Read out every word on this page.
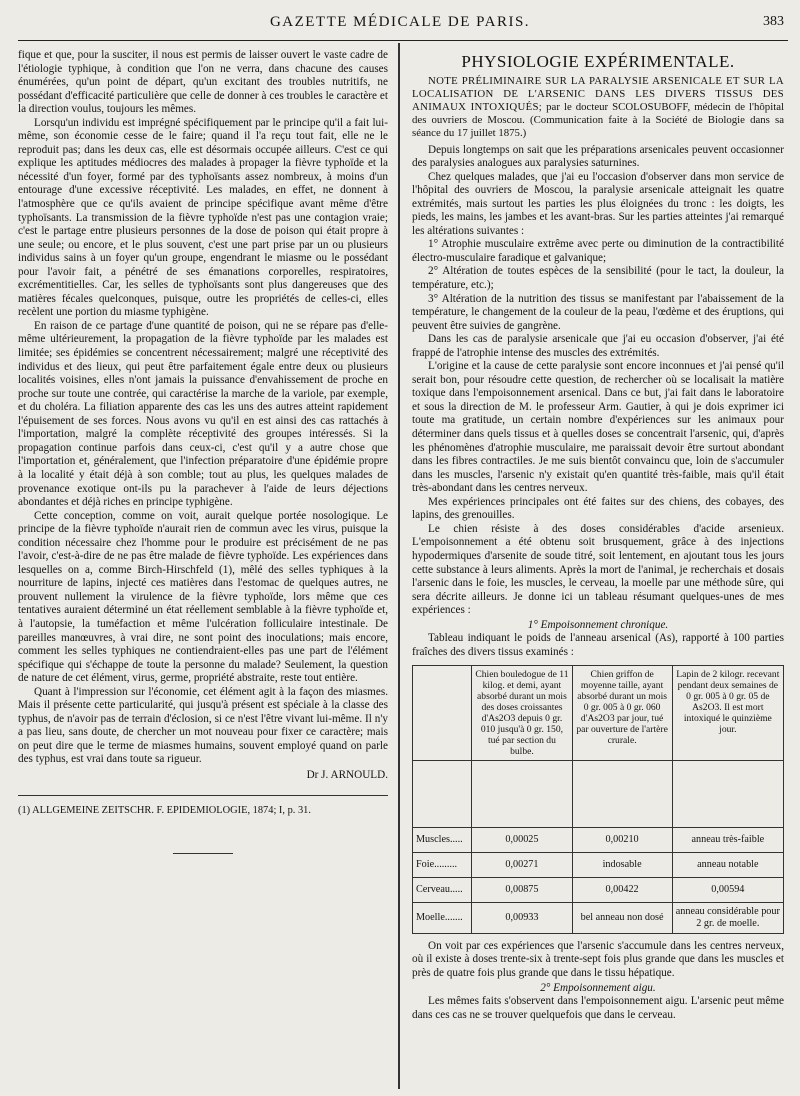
GAZETTE MÉDICALE DE PARIS.	383

fique et que, pour la susciter, il nous est permis de laisser ouvert le vaste cadre de l'étiologie typhique, à condition que l'on ne verra, dans chacune des causes énumérées, qu'un point de départ, qu'un excitant des troubles nutritifs, ne possédant d'efficacité particulière que celle de donner à ces troubles le caractère et la direction voulus, toujours les mêmes.

Lorsqu'un individu est imprégné spécifiquement par le principe qu'il a fait lui-même, son économie cesse de le faire; quand il l'a reçu tout fait, elle ne le reproduit pas; dans les deux cas, elle est désormais occupée ailleurs. C'est ce qui explique les aptitudes médiocres des malades à propager la fièvre typhoïde et la nécessité d'un foyer, formé par des typhoïsants assez nombreux, à moins d'un entourage d'une excessive réceptivité. Les malades, en effet, ne donnent à l'atmosphère que ce qu'ils avaient de principe spécifique avant même d'être typhoïsants. La transmission de la fièvre typhoïde n'est pas une contagion vraie; c'est le partage entre plusieurs personnes de la dose de poison qui était propre à une seule; ou encore, et le plus souvent, c'est une part prise par un ou plusieurs individus sains à un foyer qu'un groupe, engendrant le miasme ou le possédant pour l'avoir fait, a pénétré de ses émanations corporelles, respiratoires, excrémentitielles. Car, les selles de typhoïsants sont plus dangereuses que des matières fécales quelconques, puisque, outre les propriétés de celles-ci, elles recèlent une portion du miasme typhigène.

En raison de ce partage d'une quantité de poison, qui ne se répare pas d'elle-même ultérieurement, la propagation de la fièvre typhoïde par les malades est limitée; ses épidémies se concentrent nécessairement; malgré une réceptivité des individus et des lieux, qui peut être parfaitement égale entre deux ou plusieurs localités voisines, elles n'ont jamais la puissance d'envahissement de proche en proche sur toute une contrée, qui caractérise la marche de la variole, par exemple, et du choléra. La filiation apparente des cas les uns des autres atteint rapidement l'épuisement de ses forces. Nous avons vu qu'il en est ainsi des cas rattachés à l'importation, malgré la complète réceptivité des groupes intéressés. Si la propagation continue parfois dans ceux-ci, c'est qu'il y a autre chose que l'importation et, généralement, que l'infection préparatoire d'une épidémie propre à la localité y était déjà à son comble; tout au plus, les quelques malades de provenance exotique ont-ils pu la parachever à l'aide de leurs déjections abondantes et déjà riches en principe typhigène.

Cette conception, comme on voit, aurait quelque portée nosologique. Le principe de la fièvre typhoïde n'aurait rien de commun avec les virus, puisque la condition nécessaire chez l'homme pour le produire est précisément de ne pas l'avoir, c'est-à-dire de ne pas être malade de fièvre typhoïde. Les expériences dans lesquelles on a, comme Birch-Hirschfeld (1), mêlé des selles typhiques à la nourriture de lapins, injecté ces matières dans l'estomac de quelques autres, ne prouvent nullement la virulence de la fièvre typhoïde, lors même que ces tentatives auraient déterminé un état réellement semblable à la fièvre typhoïde et, à l'autopsie, la tuméfaction et même l'ulcération folliculaire intestinale. De pareilles manœuvres, à vrai dire, ne sont point des inoculations; mais encore, comment les selles typhiques ne contiendraient-elles pas une part de l'élément spécifique qui s'échappe de toute la personne du malade? Seulement, la question de nature de cet élément, virus, germe, propriété abstraite, reste tout entière.

Quant à l'impression sur l'économie, cet élément agit à la façon des miasmes. Mais il présente cette particularité, qui jusqu'à présent est spéciale à la classe des typhus, de n'avoir pas de terrain d'éclosion, si ce n'est l'être vivant lui-même. Il n'y a pas lieu, sans doute, de chercher un mot nouveau pour fixer ce caractère; mais on peut dire que le terme de miasmes humains, souvent employé quand on parle des typhus, est vrai dans toute sa rigueur.

Dr J. ARNOULD.

(1) ALLGEMEINE ZEITSCHR. F. EPIDEMIOLOGIE, 1874; I, p. 31.

PHYSIOLOGIE EXPÉRIMENTALE.

NOTE PRÉLIMINAIRE SUR LA PARALYSIE ARSENICALE ET SUR LA LOCALISATION DE L'ARSENIC DANS LES DIVERS TISSUS DES ANIMAUX INTOXIQUÉS; par le docteur SCOLOSUBOFF, médecin de l'hôpital des ouvriers de Moscou. (Communication faite à la Société de Biologie dans sa séance du 17 juillet 1875.)

Depuis longtemps on sait que les préparations arsenicales peuvent occasionner des paralysies analogues aux paralysies saturnines.

Chez quelques malades, que j'ai eu l'occasion d'observer dans mon service de l'hôpital des ouvriers de Moscou, la paralysie arsenicale atteignait les quatre extrémités, mais surtout les parties les plus éloignées du tronc : les doigts, les pieds, les mains, les jambes et les avant-bras. Sur les parties atteintes j'ai remarqué les altérations suivantes :

1° Atrophie musculaire extrême avec perte ou diminution de la contractibilité électro-musculaire faradique et galvanique;

2° Altération de toutes espèces de la sensibilité (pour le tact, la douleur, la température, etc.);

3° Altération de la nutrition des tissus se manifestant par l'abaissement de la température, le changement de la couleur de la peau, l'œdème et des éruptions, qui peuvent être suivies de gangrène.

Dans les cas de paralysie arsenicale que j'ai eu occasion d'observer, j'ai été frappé de l'atrophie intense des muscles des extrémités.

L'origine et la cause de cette paralysie sont encore inconnues et j'ai pensé qu'il serait bon, pour résoudre cette question, de rechercher où se localisait la matière toxique dans l'empoisonnement arsenical. Dans ce but, j'ai fait dans le laboratoire et sous la direction de M. le professeur Arm. Gautier, à qui je dois exprimer ici toute ma gratitude, un certain nombre d'expériences sur les animaux pour déterminer dans quels tissus et à quelles doses se concentrait l'arsenic, qui, d'après les phénomènes d'atrophie musculaire, me paraissait devoir être surtout abondant dans les fibres contractiles. Je me suis bientôt convaincu que, loin de s'accumuler dans les muscles, l'arsenic n'y existait qu'en quantité très-faible, mais qu'il était très-abondant dans les centres nerveux.

Mes expériences principales ont été faites sur des chiens, des cobayes, des lapins, des grenouilles.

Le chien résiste à des doses considérables d'acide arsenieux. L'empoisonnement a été obtenu soit brusquement, grâce à des injections hypodermiques d'arsenite de soude titré, soit lentement, en ajoutant tous les jours cette substance à leurs aliments. Après la mort de l'animal, je recherchais et dosais l'arsenic dans le foie, les muscles, le cerveau, la moelle par une méthode sûre, qui sera décrite ailleurs. Je donne ici un tableau résumant quelques-unes de mes expériences :

1° Empoisonnement chronique.

Tableau indiquant le poids de l'anneau arsenical (As), rapporté à 100 parties fraîches des divers tissus examinés :

	Chien bouledogue de 11 kilog. et demi, ayant absorbé durant un mois des doses croissantes d'As2O3 depuis 0 gr. 010 jusqu'à 0 gr. 150, tué par section du bulbe.	Chien griffon de moyenne taille, ayant absorbé durant un mois 0 gr. 005 à 0 gr. 060 d'As2O3 par jour, tué par ouverture de l'artère crurale.	Lapin de 2 kilogr. recevant pendant deux semaines de 0 gr. 005 à 0 gr. 05 de As2O3. Il est mort intoxiqué le quinzième jour.

Muscles.....	0,00025	0,00210	anneau très-faible
Foie.........	0,00271	indosable	anneau notable
Cerveau.....	0,00875	0,00422	0,00594
Moelle.......	0,00933	bel anneau non dosé	anneau considérable pour 2 gr. de moelle.

On voit par ces expériences que l'arsenic s'accumule dans les centres nerveux, où il existe à doses trente-six à trente-sept fois plus grande que dans les muscles et près de quatre fois plus grande que dans le tissu hépatique.

2° Empoisonnement aigu.

Les mêmes faits s'observent dans l'empoisonnement aigu. L'arsenic peut même dans ces cas ne se trouver quelquefois que dans le cerveau.
